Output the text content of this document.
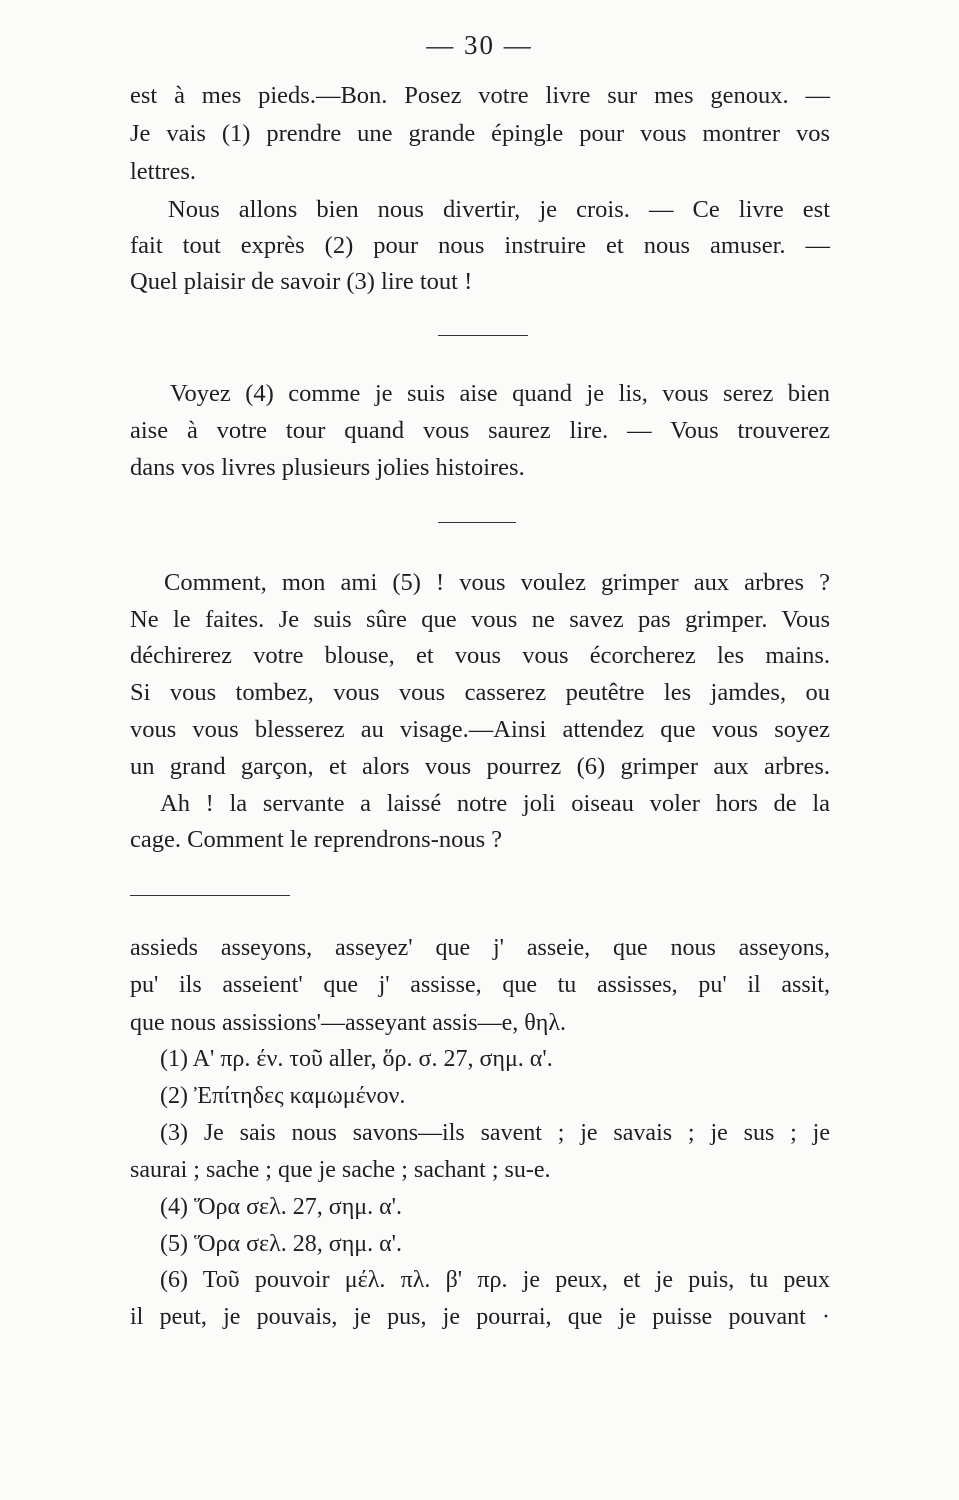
— 30 —
est à mes pieds.—Bon. Posez votre livre sur mes genoux. —
Je vais (1) prendre une grande épingle pour vous montrer vos
lettres.
Nous allons bien nous divertir, je crois. — Ce livre est
fait tout exprès (2) pour nous instruire et nous amuser. —
Quel plaisir de savoir (3) lire tout !
Voyez (4) comme je suis aise quand je lis, vous serez bien
aise à votre tour quand vous saurez lire. — Vous trouverez
dans vos livres plusieurs jolies histoires.
Comment, mon ami (5) ! vous voulez grimper aux arbres ?
Ne le faites. Je suis sûre que vous ne savez pas grimper. Vous
déchirerez votre blouse, et vous vous écorcherez les mains.
Si vous tombez, vous vous casserez peutêtre les jamdes, ou
vous vous blesserez au visage.—Ainsi attendez que vous soyez
un grand garçon, et alors vous pourrez (6) grimper aux arbres.
Ah ! la servante a laissé notre joli oiseau voler hors de la
cage. Comment le reprendrons-nous ?
assieds asseyons, asseyez' que j' asseie, que nous asseyons,
pu' ils asseient' que j' assisse, que tu assisses, pu' il assit,
que nous assissions'—asseyant assis—e, θηλ.
(1) Α' πρ. έν. τοῦ aller, ὅρ. σ. 27, σημ. α'.
(2) Ἐπίτηδες καμωμένον.
(3) Je sais nous savons—ils savent ; je savais ; je sus ; je
saurai ; sache ; que je sache ; sachant ; su-e.
(4) Ὅρα σελ. 27, σημ. α'.
(5) Ὅρα σελ. 28, σημ. α'.
(6) Τοῦ pouvoir μέλ. πλ. β' πρ. je peux, et je puis, tu peux
il peut, je pouvais, je pus, je pourrai, que je puisse pouvant ·
